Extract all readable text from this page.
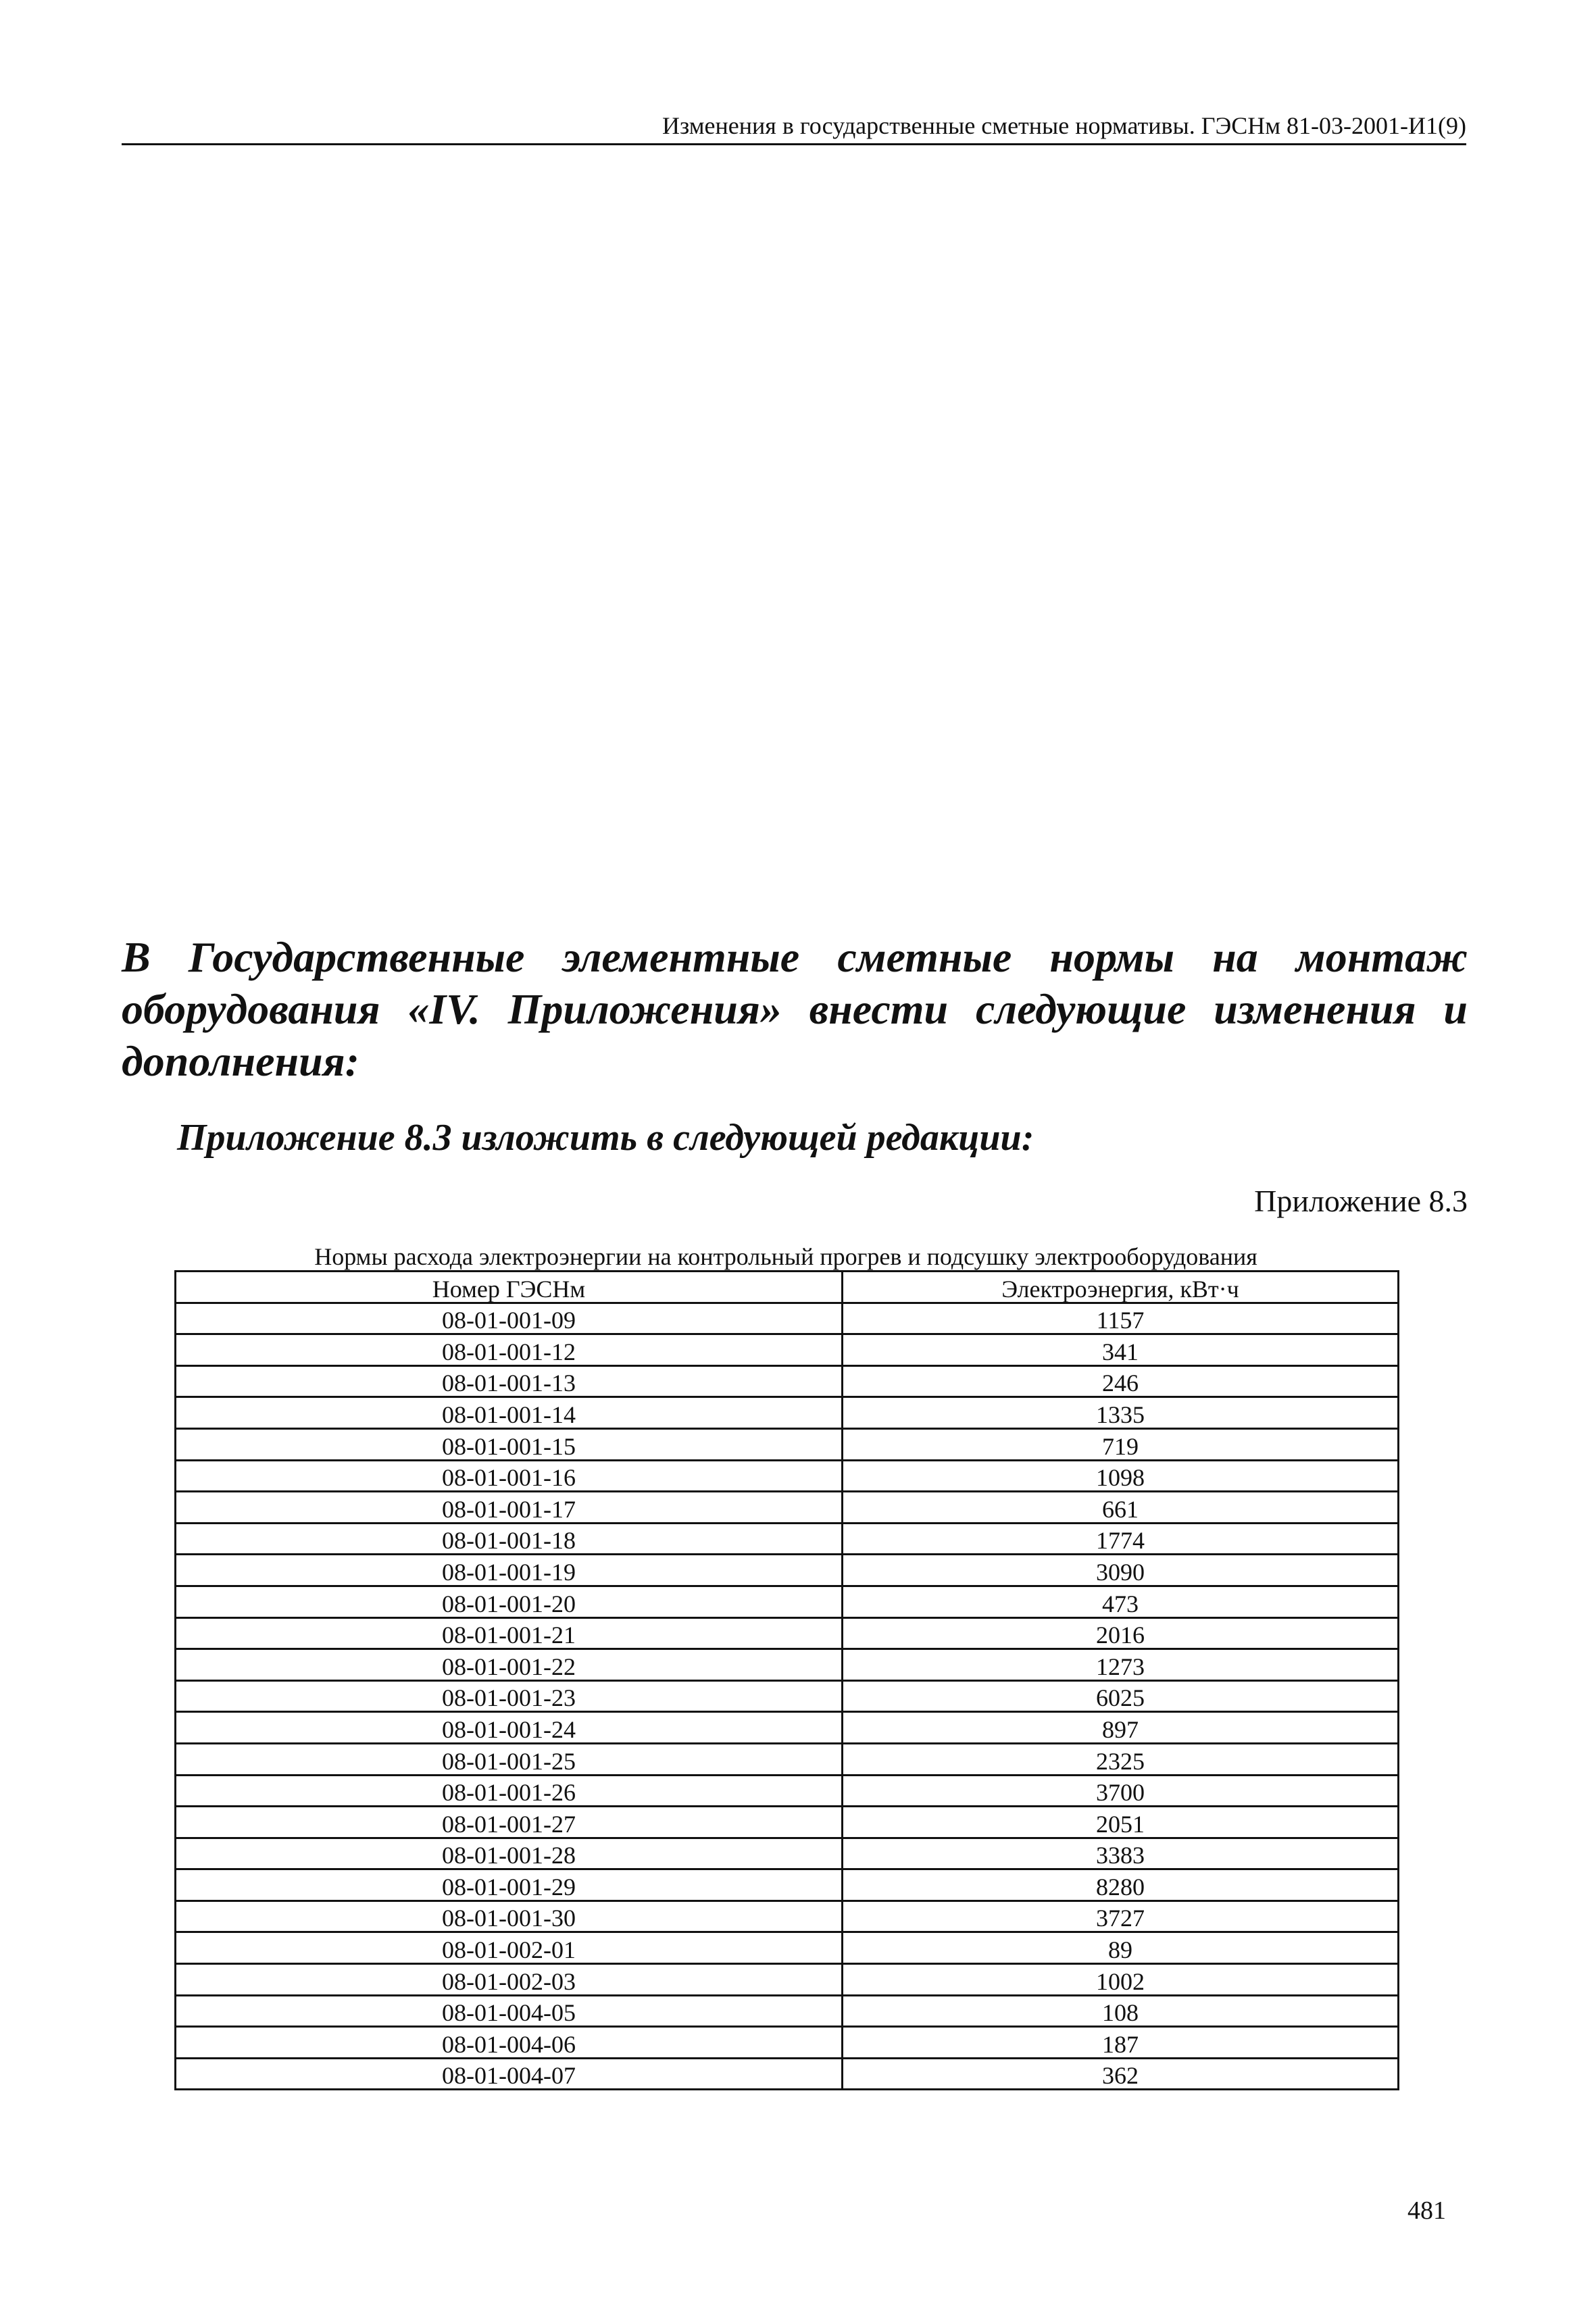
Изменения в государственные сметные нормативы. ГЭСНм 81-03-2001-И1(9)

В Государственные элементные сметные нормы на монтаж оборудования «IV. Приложения» внести следующие изменения и дополнения:

Приложение 8.3 изложить в следующей редакции:

Приложение 8.3
Нормы расхода электроэнергии на контрольный прогрев и подсушку электрооборудования
Номер ГЭСНм	Электроэнергия, кВт·ч
08-01-001-09	1157
08-01-001-12	341
08-01-001-13	246
08-01-001-14	1335
08-01-001-15	719
08-01-001-16	1098
08-01-001-17	661
08-01-001-18	1774
08-01-001-19	3090
08-01-001-20	473
08-01-001-21	2016
08-01-001-22	1273
08-01-001-23	6025
08-01-001-24	897
08-01-001-25	2325
08-01-001-26	3700
08-01-001-27	2051
08-01-001-28	3383
08-01-001-29	8280
08-01-001-30	3727
08-01-002-01	89
08-01-002-03	1002
08-01-004-05	108
08-01-004-06	187
08-01-004-07	362
481
